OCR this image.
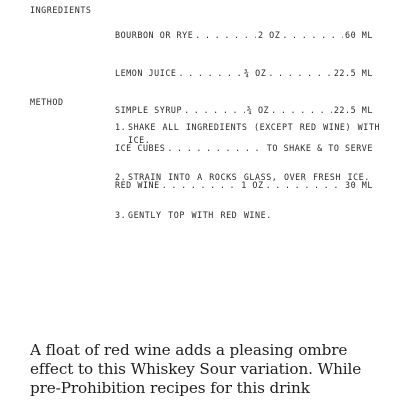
INGREDIENTS

BOURBON OR RYE . . .	2 OZ . . .	60 ML

LEMON JUICE . . .	¾ OZ . . .	22.5 ML

SIMPLE SYRUP . . .	¾ OZ . . .	22.5 ML

ICE CUBES . . .	TO SHAKE & TO SERVE

RED WINE . . .	1 OZ . . .	30 ML

METHOD

1. SHAKE ALL INGREDIENTS (EXCEPT RED WINE) WITH ICE.

2. STRAIN INTO A ROCKS GLASS, OVER FRESH ICE.

3. GENTLY TOP WITH RED WINE.

A float of red wine adds a pleasing ombre effect to this Whiskey Sour variation. While pre-Prohibition recipes for this drink
